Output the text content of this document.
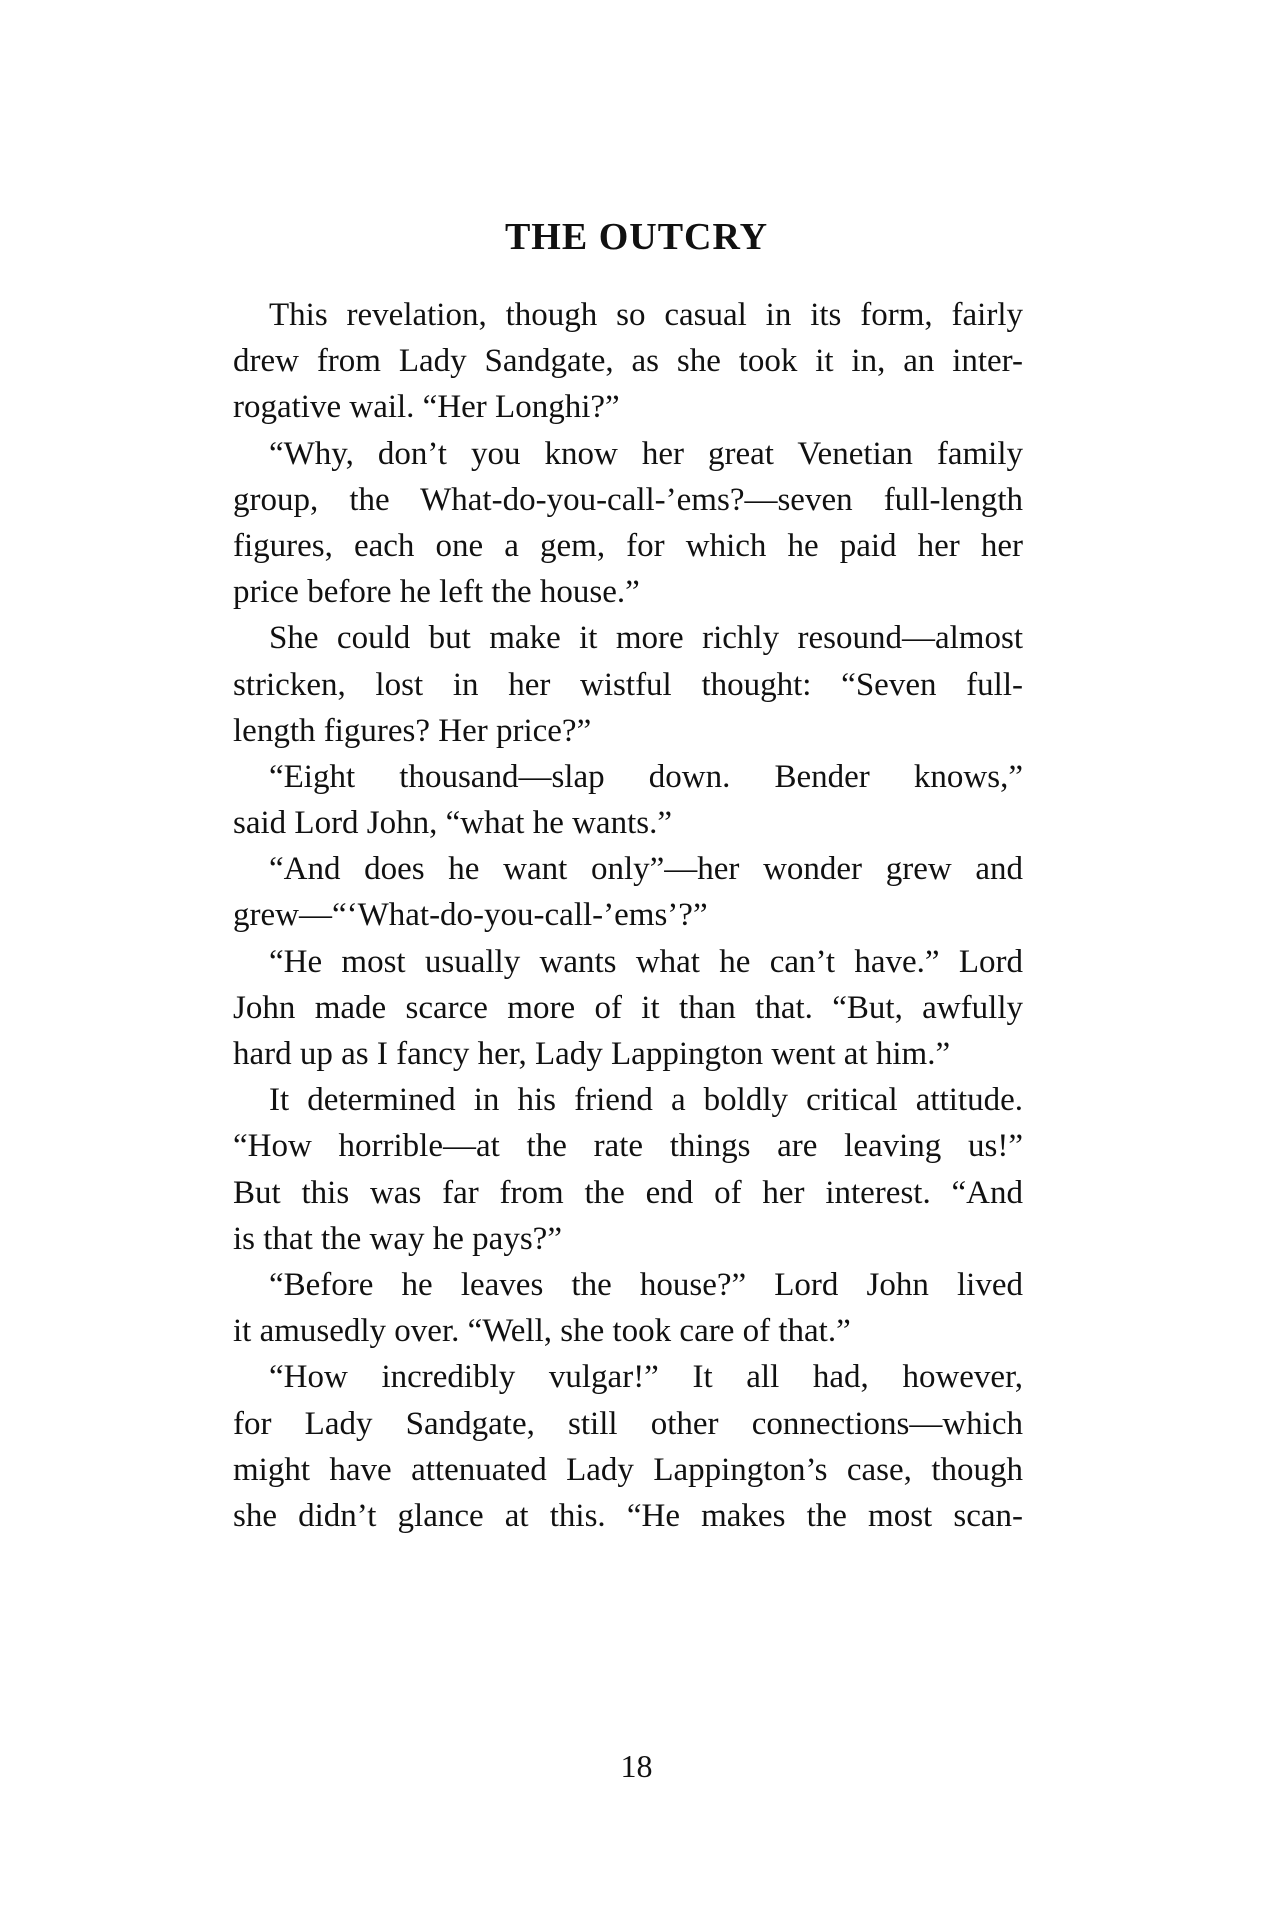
THE OUTCRY
This revelation, though so casual in its form, fairly
drew from Lady Sandgate, as she took it in, an inter-
rogative wail. “Her Longhi?”
“Why, don’t you know her great Venetian family
group, the What-do-you-call-’ems?—seven full-length
figures, each one a gem, for which he paid her her
price before he left the house.”
She could but make it more richly resound—almost
stricken, lost in her wistful thought: “Seven full-
length figures? Her price?”
“Eight thousand—slap down. Bender knows,”
said Lord John, “what he wants.”
“And does he want only”—her wonder grew and
grew—“‘What-do-you-call-’ems’?”
“He most usually wants what he can’t have.” Lord
John made scarce more of it than that. “But, awfully
hard up as I fancy her, Lady Lappington went at him.”
It determined in his friend a boldly critical attitude.
“How horrible—at the rate things are leaving us!”
But this was far from the end of her interest. “And
is that the way he pays?”
“Before he leaves the house?” Lord John lived
it amusedly over. “Well, she took care of that.”
“How incredibly vulgar!” It all had, however,
for Lady Sandgate, still other connections—which
might have attenuated Lady Lappington’s case, though
she didn’t glance at this. “He makes the most scan-
18
